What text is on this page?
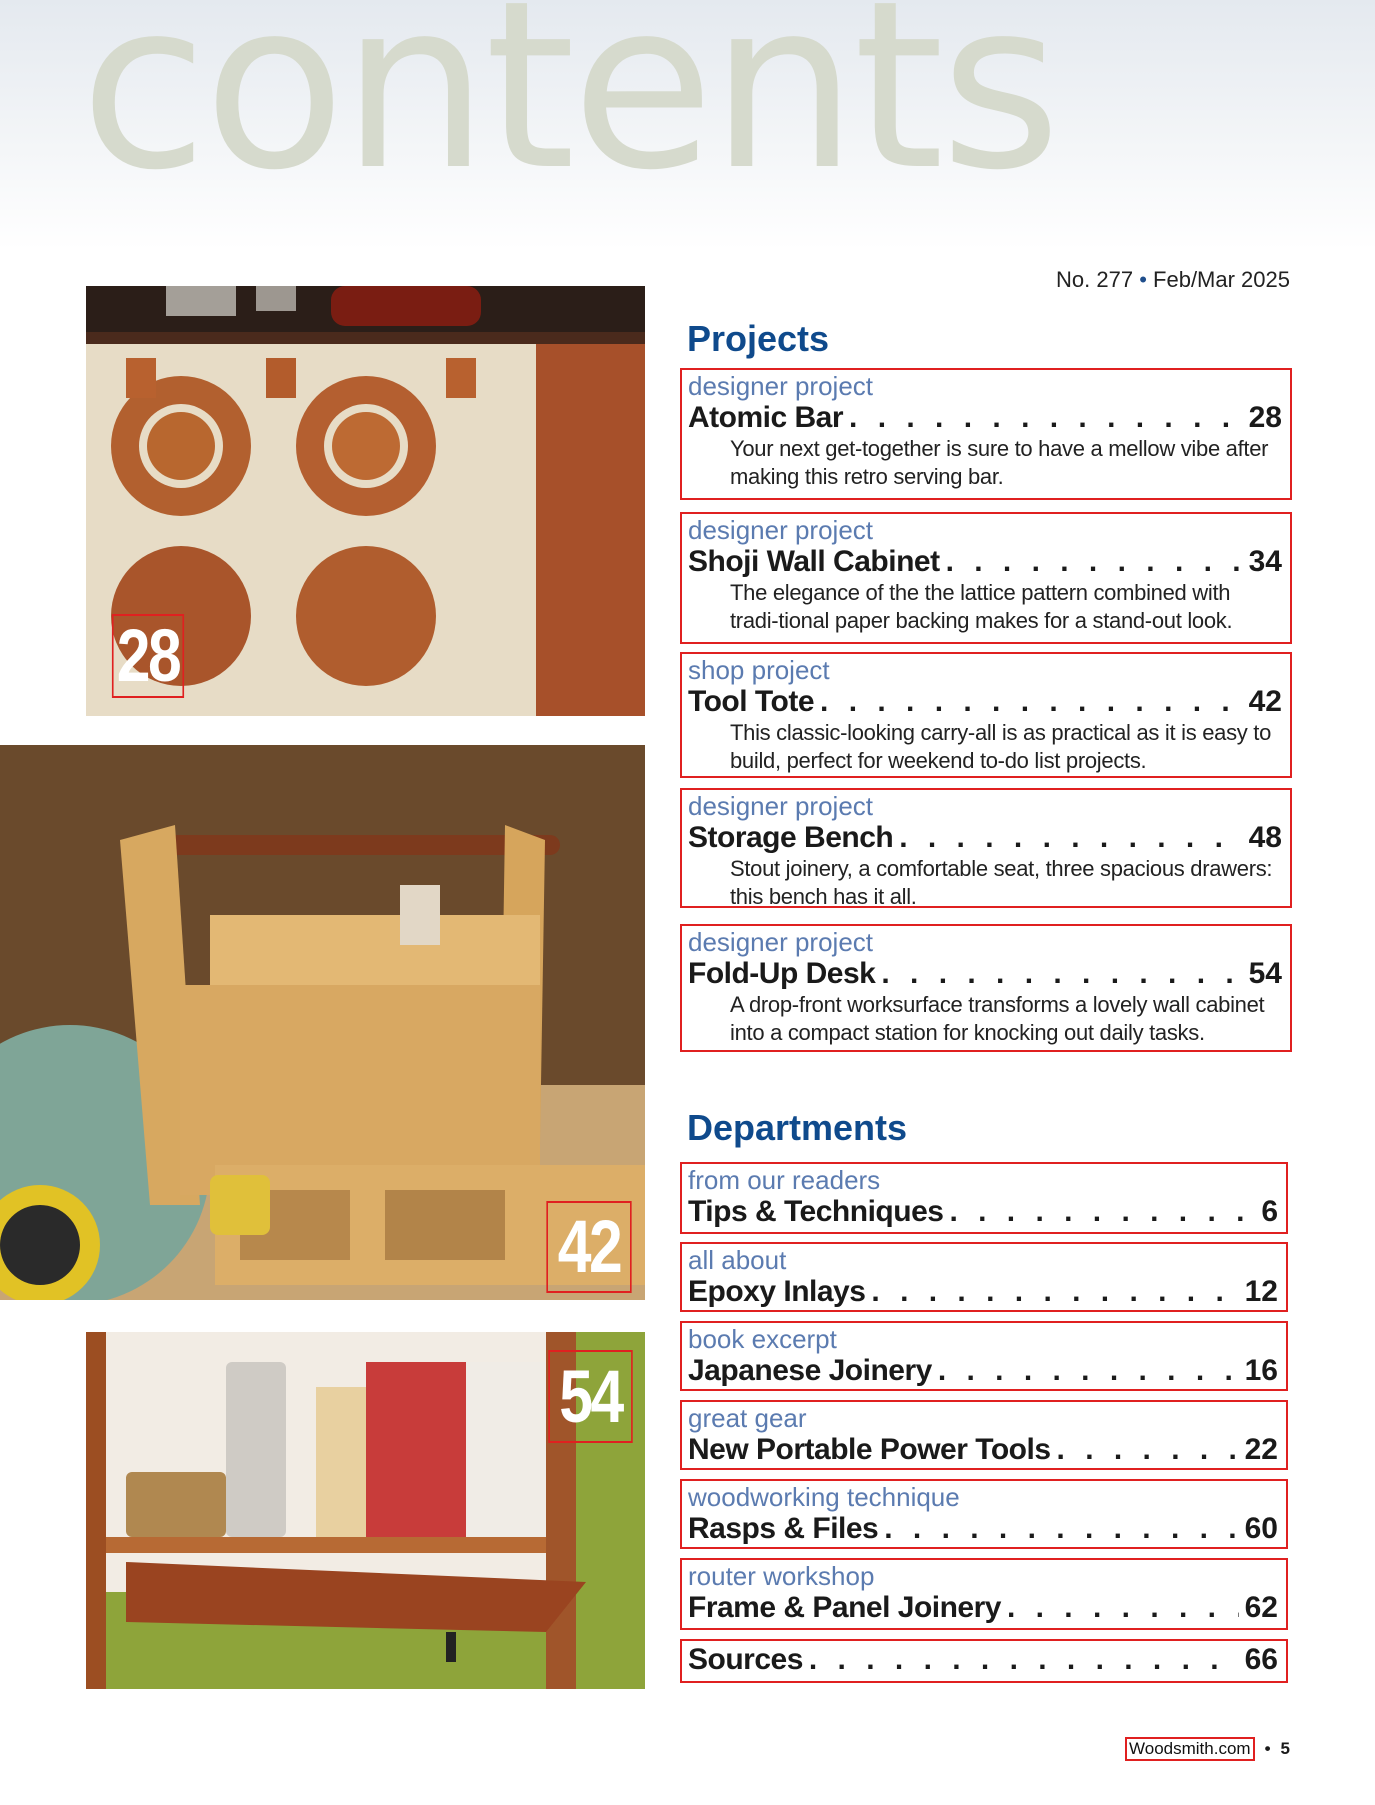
contents
No. 277 • Feb/Mar 2025
28
42
54
Projects
designer project
Atomic Bar . . .	28
Your next get-together is sure to have a mellow vibe after making this retro serving bar.
designer project
Shoji Wall Cabinet . . .	34
The elegance of the the lattice pattern combined with tradi-tional paper backing makes for a stand-out look.
shop project
Tool Tote . . .	42
This classic-looking carry-all is as practical as it is easy to build, perfect for weekend to-do list projects.
designer project
Storage Bench . . .	48
Stout joinery, a comfortable seat, three spacious drawers: this bench has it all.
designer project
Fold-Up Desk . . .	54
A drop-front worksurface transforms a lovely wall cabinet into a compact station for knocking out daily tasks.
Departments
from our readers
Tips & Techniques . . .	6
all about
Epoxy Inlays . . .	12
book excerpt
Japanese Joinery . . .	16
great gear
New Portable Power Tools . . .	22
woodworking technique
Rasps & Files . . .	60
router workshop
Frame & Panel Joinery . . .	62
Sources . . .	66
Woodsmith.com • 5
